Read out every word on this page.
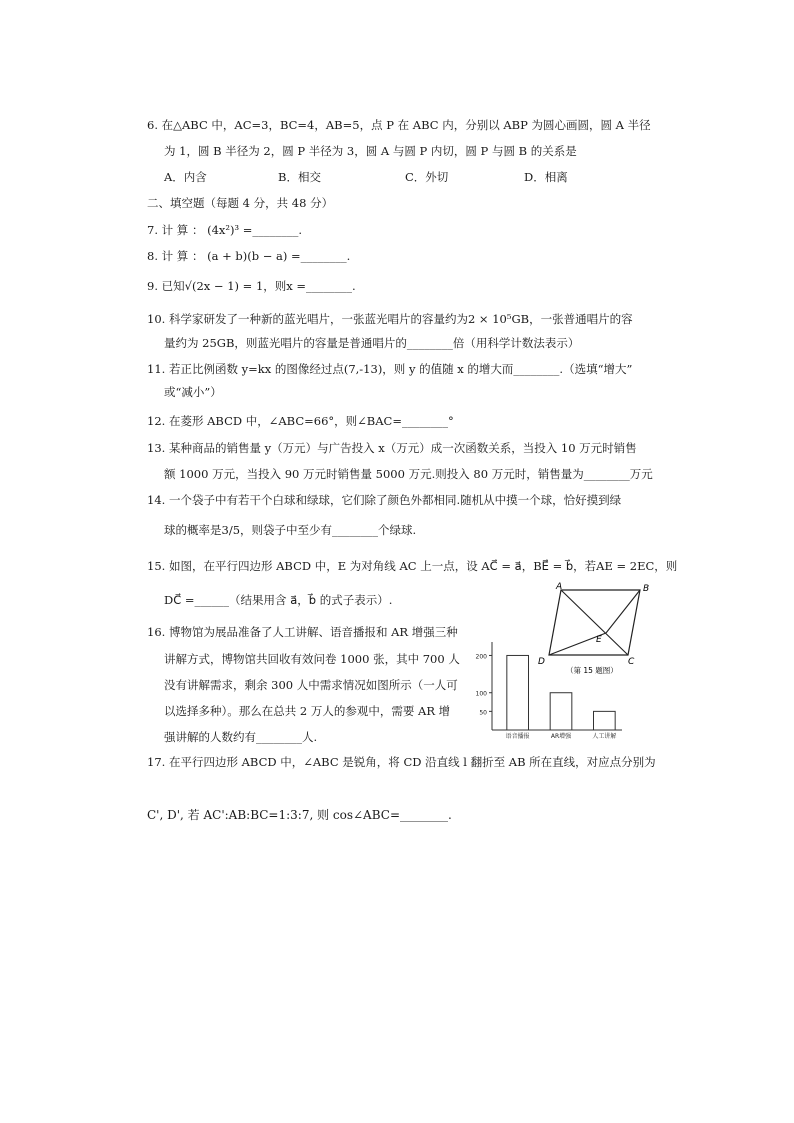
6. 在△ABC 中，AC=3，BC=4，AB=5，点 P 在 ABC 内，分别以 ABP 为圆心画圆，圆 A 半径
为 1，圆 B 半径为 2，圆 P 半径为 3，圆 A 与圆 P 内切，圆 P 与圆 B 的关系是
A．内含	B．相交	C．外切	D．相离
二、填空题（每题 4 分，共 48 分）
7. 计 算 ： (4x²)³ =________.
8. 计 算 ： (a + b)(b − a) =________.
9. 已知√(2x − 1) = 1，则x =________.
10. 科学家研发了一种新的蓝光唱片，一张蓝光唱片的容量约为2 × 10⁵GB，一张普通唱片的容
量约为 25GB，则蓝光唱片的容量是普通唱片的________倍（用科学计数法表示）
11. 若正比例函数 y=kx 的图像经过点(7,-13)，则 y 的值随 x 的增大而________.（选填“增大”
或“减小”）
12. 在菱形 ABCD 中，∠ABC=66°，则∠BAC=________°
13. 某种商品的销售量 y（万元）与广告投入 x（万元）成一次函数关系，当投入 10 万元时销售
额 1000 万元，当投入 90 万元时销售量 5000 万元.则投入 80 万元时，销售量为________万元
14. 一个袋子中有若干个白球和绿球，它们除了颜色外都相同.随机从中摸一个球，恰好摸到绿
球的概率是3/5，则袋子中至少有________个绿球.
15. 如图，在平行四边形 ABCD 中，E 为对角线 AC 上一点，设 AC⃗ = a⃗，BE⃗ = b⃗，若AE = 2EC，则
DC⃗ =______（结果用含 a⃗，b⃗ 的式子表示）.
A	B
C
D
E
（第 15 题图）
16. 博物馆为展品准备了人工讲解、语音播报和 AR 增强三种
讲解方式，博物馆共回收有效问卷 1000 张，其中 700 人
没有讲解需求，剩余 300 人中需求情况如图所示（一人可
以选择多种）。那么在总共 2 万人的参观中，需要 AR 增
强讲解的人数约有________人.
200
100
50
语音播报	AR增强	人工讲解
17. 在平行四边形 ABCD 中，∠ABC 是锐角，将 CD 沿直线 l 翻折至 AB 所在直线，对应点分别为
C', D', 若 AC':AB:BC=1:3:7, 则 cos∠ABC=________.
